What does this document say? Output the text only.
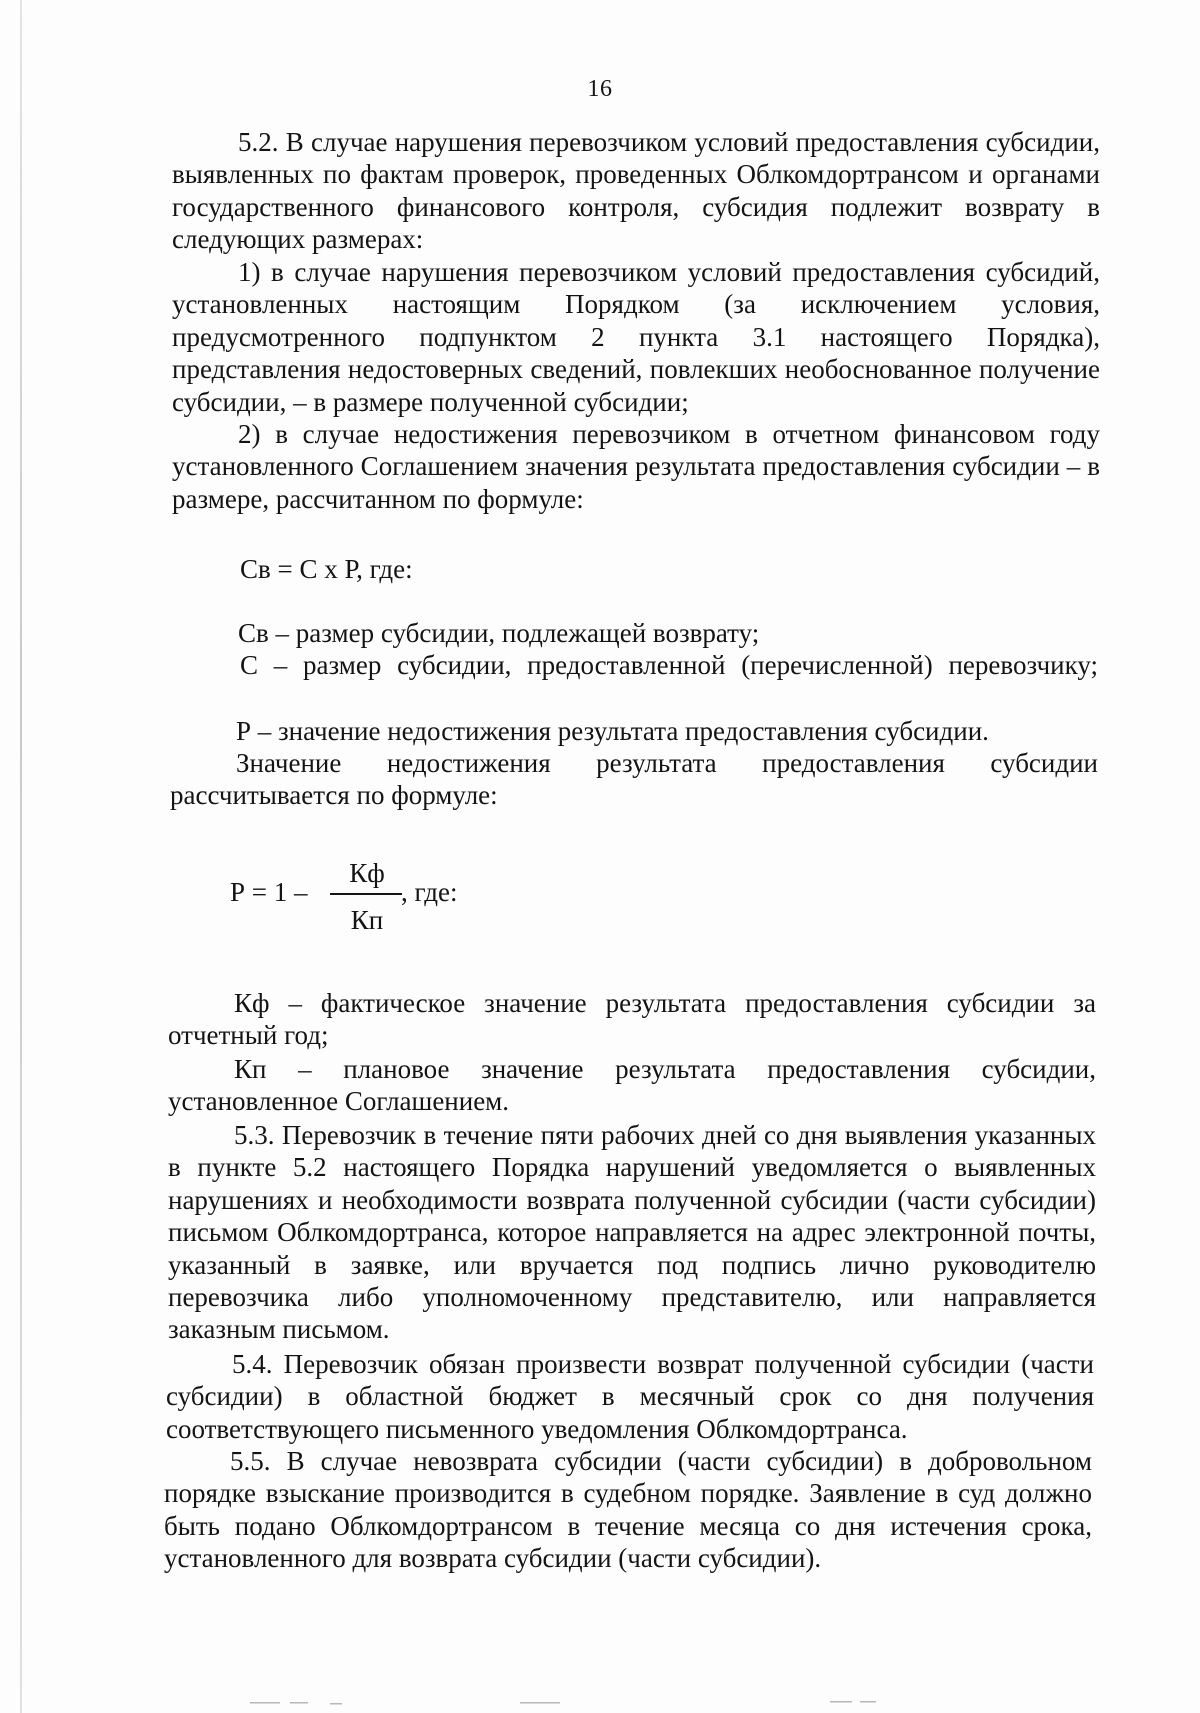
16
5.2. В случае нарушения перевозчиком условий предоставления субсидии, выявленных по фактам проверок, проведенных Облкомдортрансом и органами государственного финансового контроля, субсидия подлежит возврату в следующих размерах:
1) в случае нарушения перевозчиком условий предоставления субсидий, установленных настоящим Порядком (за исключением условия, предусмотренного подпунктом 2 пункта 3.1 настоящего Порядка), представления недостоверных сведений, повлекших необоснованное получение субсидии, – в размере полученной субсидии;
2) в случае недостижения перевозчиком в отчетном финансовом году установленного Соглашением значения результата предоставления субсидии – в размере, рассчитанном по формуле:
Св = С х Р, где:
Св – размер субсидии, подлежащей возврату;
С – размер субсидии, предоставленной (перечисленной) перевозчику;
Р – значение недостижения результата предоставления субсидии.
Значение недостижения результата предоставления субсидии рассчитывается по формуле:
Р = 1 –
Кф
Кп
, где:
Кф – фактическое значение результата предоставления субсидии за отчетный год;
Кп – плановое значение результата предоставления субсидии, установленное Соглашением.
5.3. Перевозчик в течение пяти рабочих дней со дня выявления указанных в пункте 5.2 настоящего Порядка нарушений уведомляется о выявленных нарушениях и необходимости возврата полученной субсидии (части субсидии) письмом Облкомдортранса, которое направляется на адрес электронной почты, указанный в заявке, или вручается под подпись лично руководителю перевозчика либо уполномоченному представителю, или направляется заказным письмом.
5.4. Перевозчик обязан произвести возврат полученной субсидии (части субсидии) в областной бюджет в месячный срок со дня получения соответствующего письменного уведомления Облкомдортранса.
5.5. В случае невозврата субсидии (части субсидии) в добровольном порядке взыскание производится в судебном порядке. Заявление в суд должно быть подано Облкомдортрансом в течение месяца со дня истечения срока, установленного для возврата субсидии (части субсидии).
